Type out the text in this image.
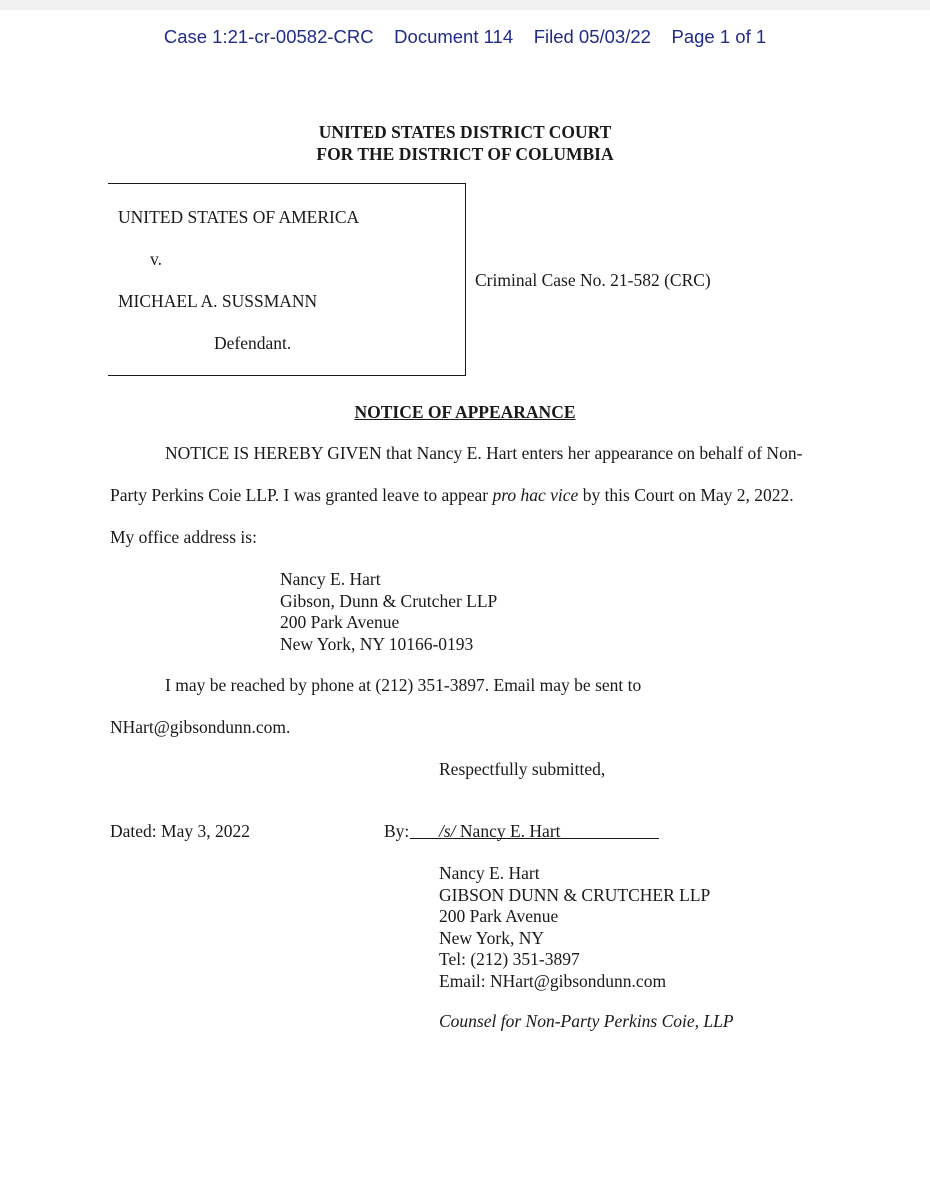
Case 1:21-cr-00582-CRC Document 114 Filed 05/03/22 Page 1 of 1
UNITED STATES DISTRICT COURT
FOR THE DISTRICT OF COLUMBIA
UNITED STATES OF AMERICA
v.
MICHAEL A. SUSSMANN
Defendant.
Criminal Case No. 21-582 (CRC)
NOTICE OF APPEARANCE
NOTICE IS HEREBY GIVEN that Nancy E. Hart enters her appearance on behalf of Non-
Party Perkins Coie LLP. I was granted leave to appear pro hac vice by this Court on May 2, 2022.
My office address is:
Nancy E. Hart
Gibson, Dunn & Crutcher LLP
200 Park Avenue
New York, NY 10166-0193
I may be reached by phone at (212) 351-3897. Email may be sent to
NHart@gibsondunn.com.
Respectfully submitted,
Dated: May 3, 2022	By: /s/ Nancy E. Hart
Nancy E. Hart
GIBSON DUNN & CRUTCHER LLP
200 Park Avenue
New York, NY
Tel: (212) 351-3897
Email: NHart@gibsondunn.com
Counsel for Non-Party Perkins Coie, LLP
